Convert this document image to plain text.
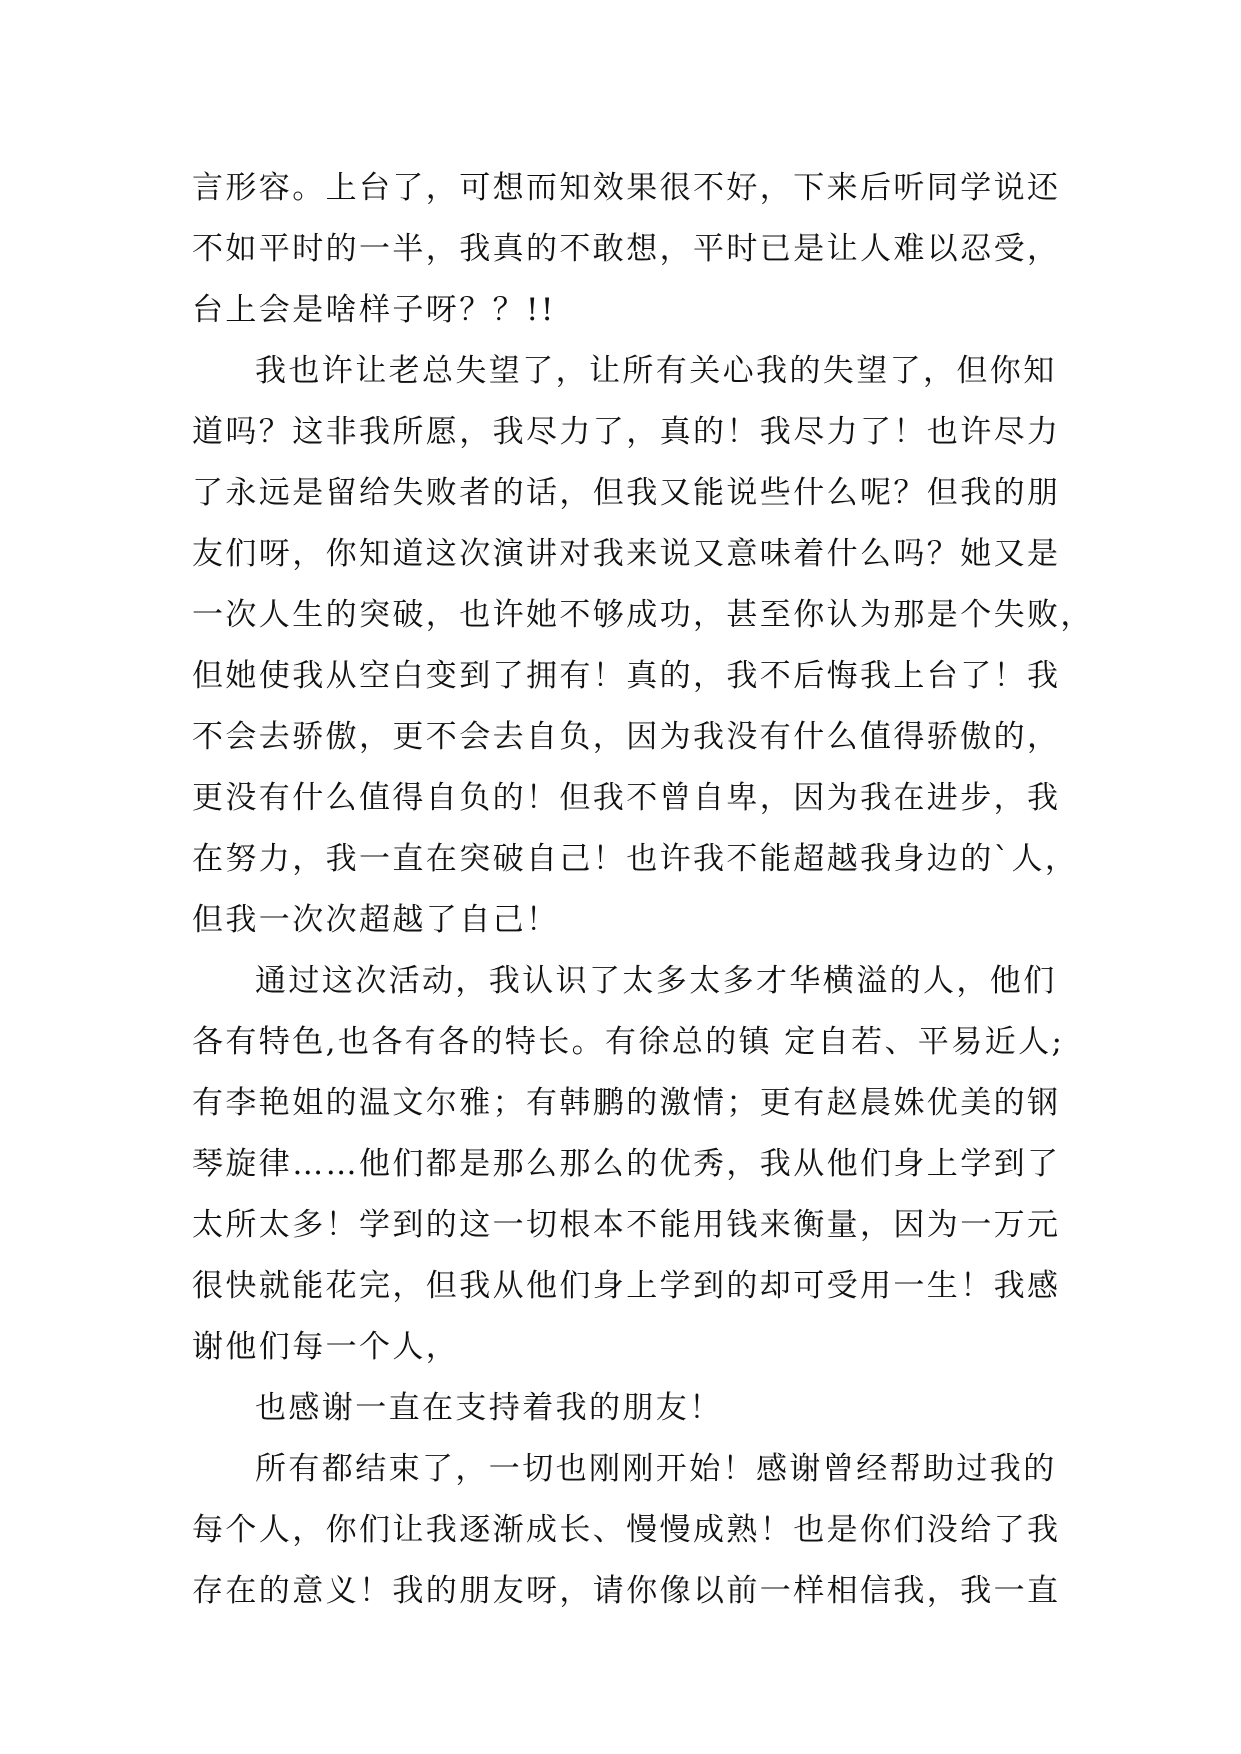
言形容。上台了，可想而知效果很不好，下来后听同学说还
不如平时的一半，我真的不敢想，平时已是让人难以忍受，
台上会是啥样子呀？？!!
我也许让老总失望了，让所有关心我的失望了，但你知
道吗？这非我所愿，我尽力了，真的！我尽力了！也许尽力
了永远是留给失败者的话，但我又能说些什么呢？但我的朋
友们呀，你知道这次演讲对我来说又意味着什么吗？她又是
一次人生的突破，也许她不够成功，甚至你认为那是个失败，
但她使我从空白变到了拥有！真的，我不后悔我上台了！我
不会去骄傲，更不会去自负，因为我没有什么值得骄傲的，
更没有什么值得自负的！但我不曾自卑，因为我在进步，我
在努力，我一直在突破自己！也许我不能超越我身边的`人，
但我一次次超越了自己！
通过这次活动，我认识了太多太多才华横溢的人，他们
各有特色,也各有各的特长。有徐总的镇 定自若、平易近人;
有李艳姐的温文尔雅；有韩鹏的激情；更有赵晨姝优美的钢
琴旋律……他们都是那么那么的优秀，我从他们身上学到了
太所太多！学到的这一切根本不能用钱来衡量，因为一万元
很快就能花完，但我从他们身上学到的却可受用一生！我感
谢他们每一个人，
也感谢一直在支持着我的朋友！
所有都结束了，一切也刚刚开始！感谢曾经帮助过我的
每个人，你们让我逐渐成长、慢慢成熟！也是你们没给了我
存在的意义！我的朋友呀，请你像以前一样相信我，我一直
